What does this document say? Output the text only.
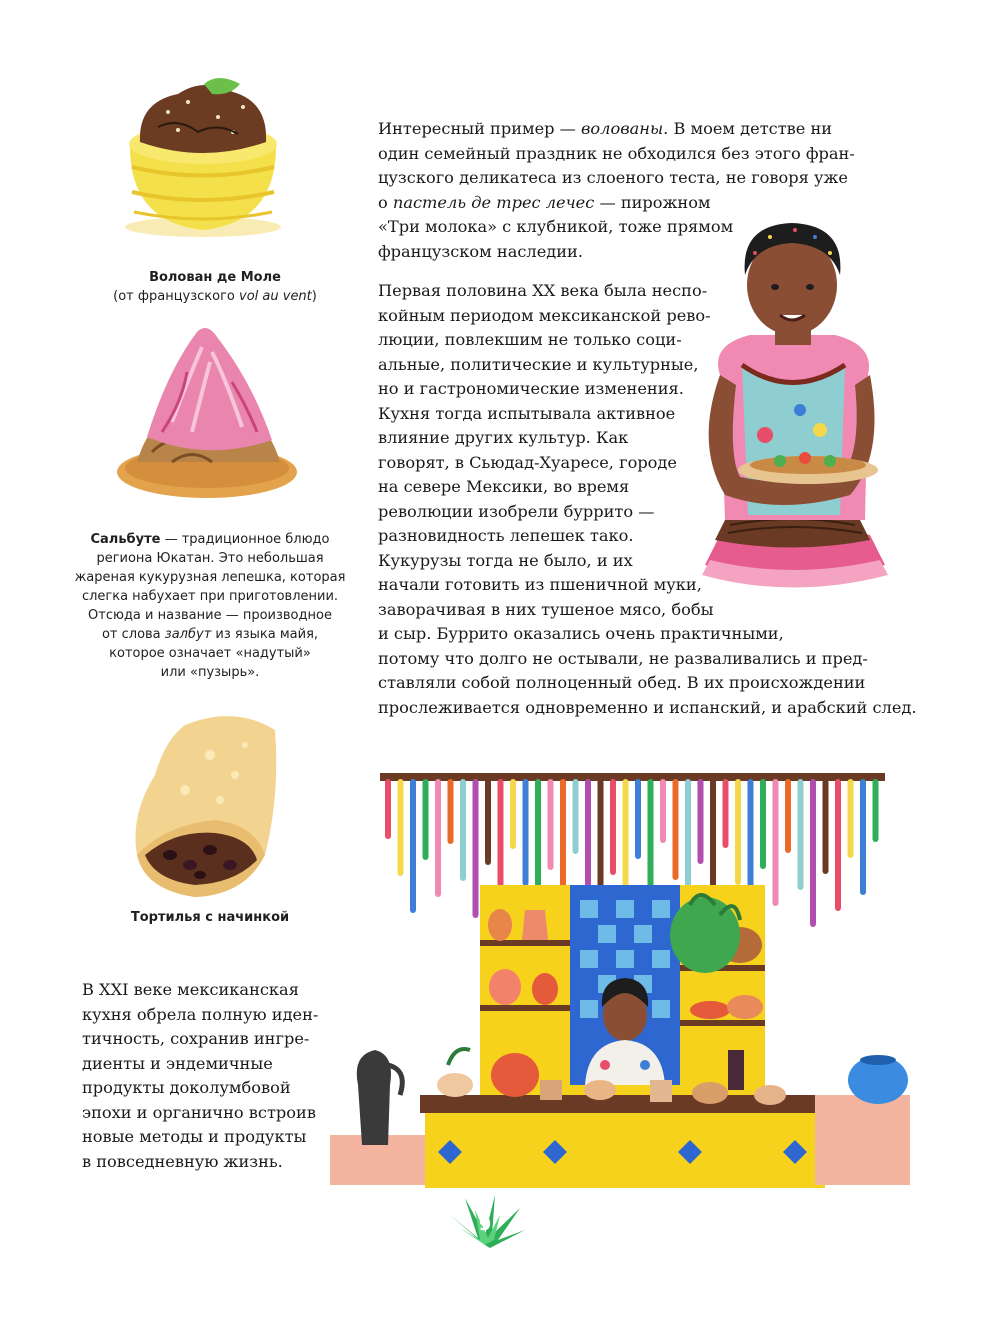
Волован де Моле
(от французского vol au vent)
Сальбуте — традиционное блюдо
региона Юкатан. Это небольшая
жареная кукурузная лепешка, которая
слегка набухает при приготовлении.
Отсюда и название — производное
от слова залбут из языка майя,
которое означает «надутый»
или «пузырь».
Тортилья с начинкой
Интересный пример — волованы. В моем детстве ни
один семейный праздник не обходился без этого фран-
цузского деликатеса из слоеного теста, не говоря уже
о пастель де трес лечес — пирожном
«Три молока» с клубникой, тоже прямом
французском наследии.
Первая половина XX века была неспо-
койным периодом мексиканской рево-
люции, повлекшим не только соци-
альные, политические и культурные,
но и гастрономические изменения.
Кухня тогда испытывала активное
влияние других культур. Как
говорят, в Сьюдад-Хуаресе, городе
на севере Мексики, во время
революции изобрели буррито —
разновидность лепешек тако.
Кукурузы тогда не было, и их
начали готовить из пшеничной муки,
заворачивая в них тушеное мясо, бобы
и сыр. Буррито оказались очень практичными,
потому что долго не остывали, не разваливались и пред-
ставляли собой полноценный обед. В их происхождении
прослеживается одновременно и испанский, и арабский след.
В XXI веке мексиканская
кухня обрела полную иден-
тичность, сохранив ингре-
диенты и эндемичные
продукты доколумбовой
эпохи и органично встроив
новые методы и продукты
в повседневную жизнь.
9
